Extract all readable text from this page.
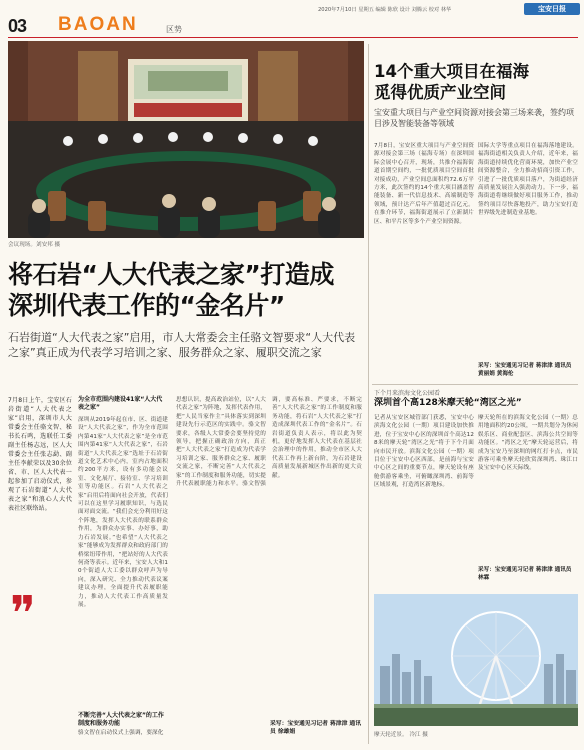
03 BAOAN	区势
2020年7月10日 星期五 编辑 陈欣 设计 刘腾云 校对 林华	宝安日报
会议现场。刘安邦 摄
将石岩“人大代表之家”打造成
深圳代表工作的“金名片”
石岩街道“人大代表之家”启用，市人大常委会主任骆文智要求“人大代表之家”真正成为代表学习培训之家、服务群众之家、履职交流之家
7月8日上午，宝安区石岩街道“人大代表之家”启用，深圳市人大常委会主任骆文智、秘书长石鸣，选联任工委副主任杨志远，区人大常委会主任张志勐、副主任李献荣以及30余位省、市、区人大代表一起参加了启动仪式，参观了石岩街道“人大代表之家”和浪心人大代表社区联络站。
❞
为全市范围内建设41家“人大代表之家”
深圳从2019年起在市、区、街道建设“人大代表之家”，作为全市范围内第41家“人大代表之家”是全市范围内第41家“人大代表之家”，石岩街道“人大代表之家”选址于石岩街道文化艺术中心内，室内占地面积约200平方米，设有多功能会议室、文化展厅、接待室、学习培训室等功能区。石岩“人大代表之家”启用后将面向社会开放，代表们可以在这里学习履职知识，与选民面对面交流。“我们会充分利用好这个阵地，发挥人大代表的联系群众作用，为群众办实事、办好事，助力石岩发展。”也希望“人大代表之家”能够成为发挥群众和政府部门的桥梁纽带作用，“把站好的人大代表何斋等表示。近年来，宝安人大和10个街道人大工委以群众呼声为导向，深入研究、全力推动代表议案建议办理，全面提升代表履职能力，推动人大代表工作高质量发展。
不断完善“人大代表之家”的工作制度和服务功能
骆文智在启动仪式上强调，要深化
思想认识，提高政治站位，以“人大代表之家”为阵地，发挥代表作用，把“人民当家作主”具体落实到深圳建设先行示范区的实践中。骆文智要求，各级人大常委会要坚持党的领导，把握正确政治方向，真正把“人大代表之家”打造成为代表学习培训之家、服务群众之家、履职交流之家，不断完善“人大代表之家”的工作制度和服务功能，切实提升代表履职能力和水平。骆文智强调，要高标准、严要求，不断完善“人大代表之家”的工作制度和服务功能，将石岩“人大代表之家”打造成深圳代表工作的“金名片”。石岩街道负责人表示，将以此为契机，更好地发挥人大代表在基层社会治理中的作用，推动全市区人大代表工作再上新台阶，为石岩建设高质量发展新城区作出新的更大贡献。
采写：宝安通见习记者 蒋津津 通讯员 徐雄娟
14个重大项目在福海
觅得优质产业空间
宝安重大项目与产业空间资源对接会第三场来袭，签约项目涉及智能装备等领域
7月8日，宝安区重大项目与产业空间资源对接会第三场（福海专场）在深圳国际会展中心召开，现场，共推介福海街道首期空间约，一批优质项目空间首批对接成功，产业空间总面积约72.6万平方米，此次签约的14个重大项目涵盖智能装备、新一代信息技术、高端制造等领域，预计达产后年产值超过百亿元。在推介环节，福海街道展示了立新湖片区、和平片区等多个产业空间资源。
国际大学等重点项目在福海落地建设。福海街道相关负责人介绍，近年来，福海街道持续优化营商环境，加快产业空间资源整合，全力推动招商引资工作，引进了一批优质项目落户，为街道经济高质量发展注入强劲动力。下一步，福海街道将继续做好项目服务工作，推动签约项目尽快落地投产，助力宝安打造世界级先进制造业基地。
采写：宝安通见习记者 蒋津津 通讯员 黄丽娟 黄海伦
下个月来滨海文化公园看
深圳首个高128米摩天轮“湾区之光”
记者从宝安区城管部门获悉，宝安中心滨海文化公园（一期）项目建设加快推进，位于宝安中心区的深圳首个高达128米的摩天轮“湾区之光”将于下个月面向市民开放。滨海文化公园（一期）项目位于宝安中心区西部，是前海与宝安中心区之间的重要节点，摩天轮设有座舱供游客乘坐，可俯瞰深圳湾、前海等区域景观，打造湾区新地标。
摩天轮所在的滨海文化公园（一期）总用地面积约20公顷，一期共划分为休闲娱乐区、商业配套区、滨海公共空间等功能区。“湾区之光”摩天轮运营后，将成为宝安乃至深圳的网红打卡点，市民游客可乘坐摩天轮欣赏深圳湾、珠江口及宝安中心区天际线。
采写：宝安通见习记者 蒋津津 通讯员 林霖
摩天轮近景。 冷江 摄
